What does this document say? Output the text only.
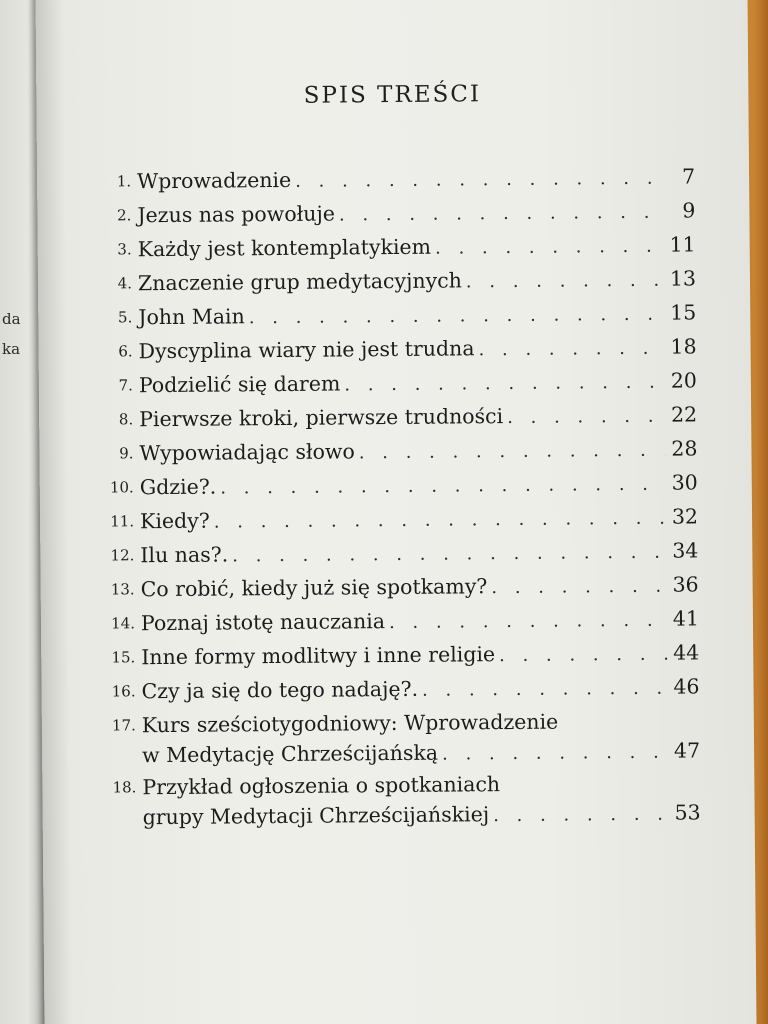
da
ka
SPIS TREŚCI
1. Wprowadzenie . . .	7
2. Jezus nas powołuje . . .	9
3. Każdy jest kontemplatykiem . . .	11
4. Znaczenie grup medytacyjnych . . .	13
5. John Main . . .	15
6. Dyscyplina wiary nie jest trudna . . .	18
7. Podzielić się darem . . .	20
8. Pierwsze kroki, pierwsze trudności . . .	22
9. Wypowiadając słowo . . .	28
10. Gdzie?. . . .	30
11. Kiedy? . . .	32
12. Ilu nas?. . . .	34
13. Co robić, kiedy już się spotkamy? . . .	36
14. Poznaj istotę nauczania . . .	41
15. Inne formy modlitwy i inne religie . . .	44
16. Czy ja się do tego nadaję?. . . .	46
17. Kurs sześciotygodniowy: Wprowadzenie
w Medytację Chrześcijańską . . .	47
18. Przykład ogłoszenia o spotkaniach
grupy Medytacji Chrześcijańskiej . . .	53
